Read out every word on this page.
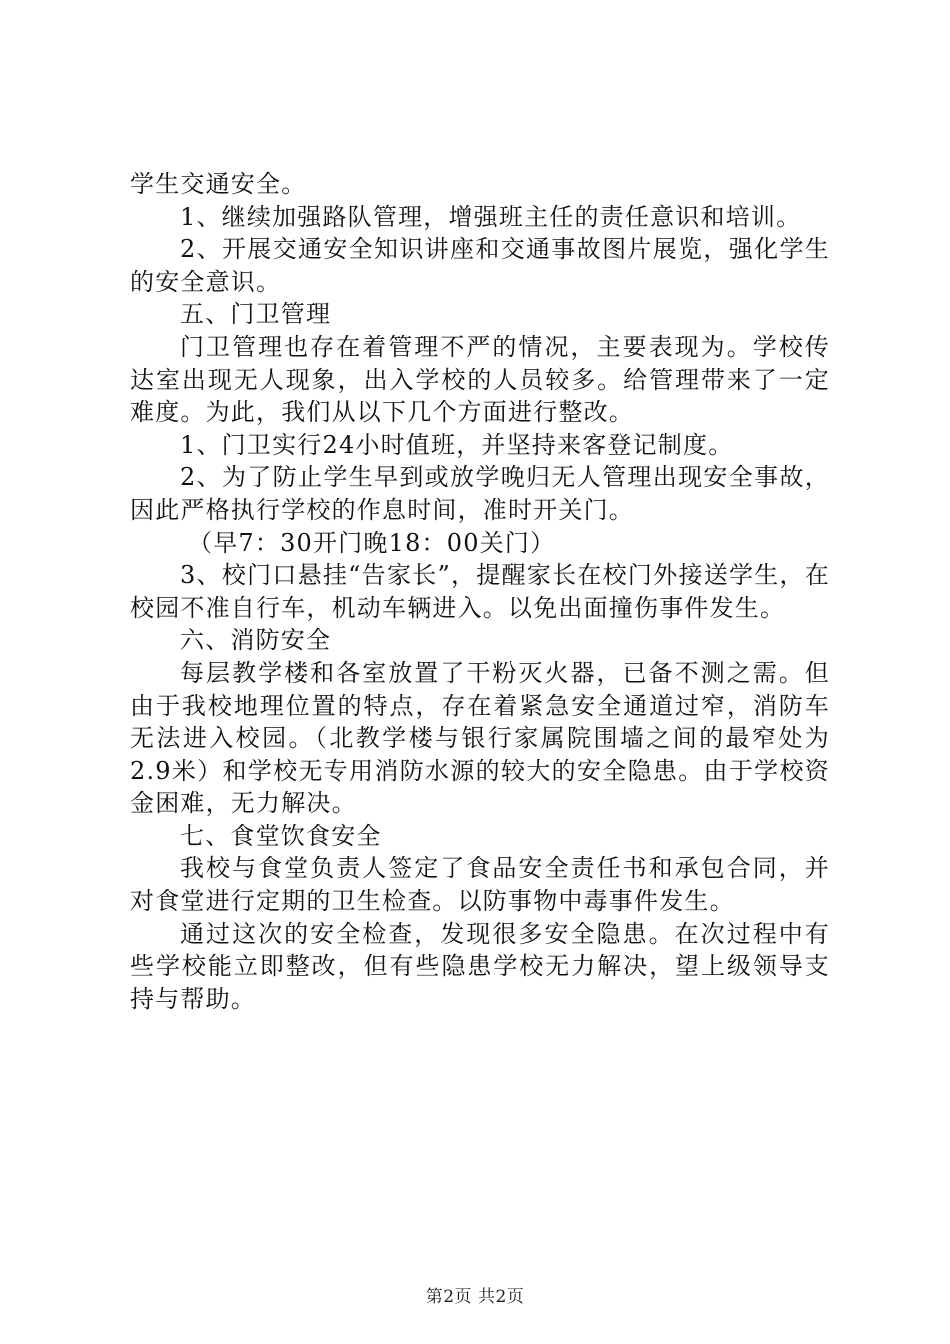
学生交通安全。

1、继续加强路队管理，增强班主任的责任意识和培训。

2、开展交通安全知识讲座和交通事故图片展览，强化学生的安全意识。

五、门卫管理

门卫管理也存在着管理不严的情况，主要表现为。学校传达室出现无人现象，出入学校的人员较多。给管理带来了一定难度。为此，我们从以下几个方面进行整改。

1、门卫实行24小时值班，并坚持来客登记制度。

2、为了防止学生早到或放学晚归无人管理出现安全事故，因此严格执行学校的作息时间，准时开关门。

（早7：30开门晚18：00关门）

3、校门口悬挂“告家长”，提醒家长在校门外接送学生，在校园不准自行车，机动车辆进入。以免出面撞伤事件发生。

六、消防安全

每层教学楼和各室放置了干粉灭火器，已备不测之需。但由于我校地理位置的特点，存在着紧急安全通道过窄，消防车无法进入校园。（北教学楼与银行家属院围墙之间的最窄处为2.9米）和学校无专用消防水源的较大的安全隐患。由于学校资金困难，无力解决。

七、食堂饮食安全

我校与食堂负责人签定了食品安全责任书和承包合同，并对食堂进行定期的卫生检查。以防事物中毒事件发生。

通过这次的安全检查，发现很多安全隐患。在次过程中有些学校能立即整改，但有些隐患学校无力解决，望上级领导支持与帮助。

第2页 共2页
